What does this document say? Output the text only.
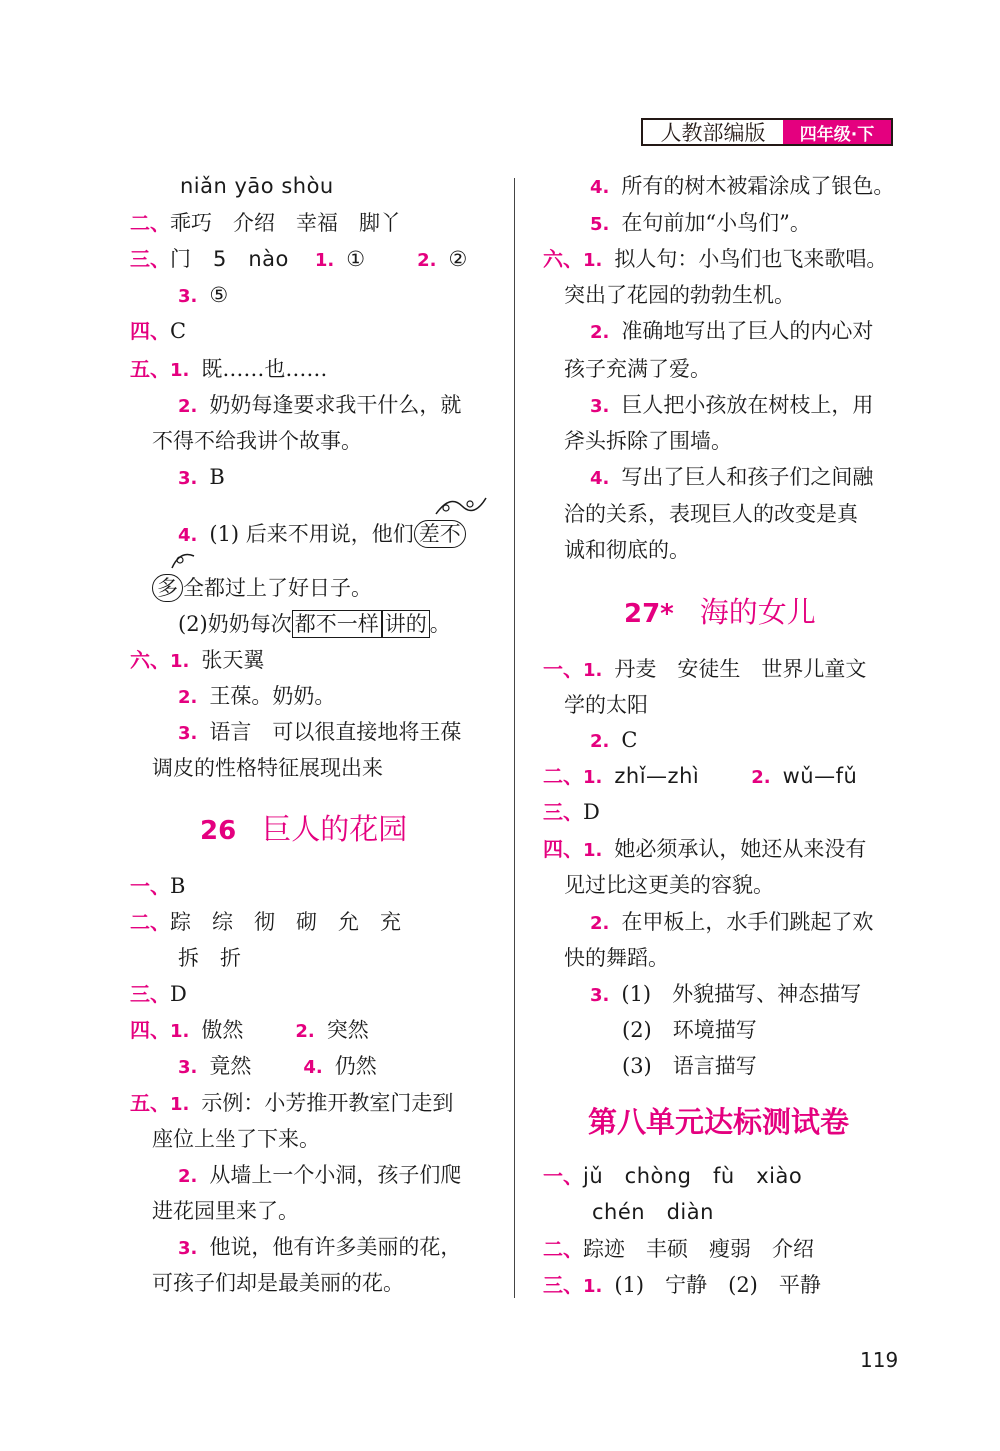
人教部编版	四年级·下
niǎn yāo shòu
二、乖巧　介绍　幸福　脚丫
三、门　5　nào 1. ①	2. ②
3. ⑤
四、C
五、1. 既……也……
2. 奶奶每逢要求我干什么，就
不得不给我讲个故事。
3. B
4. (1) 后来不用说，他们 差不
多 全都过上了好日子。
(2)奶奶每次 都不一样 讲的 。
六、1. 张天翼
2. 王葆。奶奶。
3. 语言　可以很直接地将王葆
调皮的性格特征展现出来
26 巨人的花园
一、B
二、踪　综　彻　砌　允　充
拆　折
三、D
四、1. 傲然	2. 突然
3. 竟然	4. 仍然
五、1. 示例：小芳推开教室门走到
座位上坐了下来。
2. 从墙上一个小洞，孩子们爬
进花园里来了。
3. 他说，他有许多美丽的花，
可孩子们却是最美丽的花。
4. 所有的树木被霜涂成了银色。
5. 在句前加“小鸟们”。
六、1. 拟人句：小鸟们也飞来歌唱。
突出了花园的勃勃生机。
2. 准确地写出了巨人的内心对
孩子充满了爱。
3. 巨人把小孩放在树枝上，用
斧头拆除了围墙。
4. 写出了巨人和孩子们之间融
洽的关系，表现巨人的改变是真
诚和彻底的。
27* 海的女儿
一、1. 丹麦　安徒生　世界儿童文
学的太阳
2. C
二、1. zhǐ—zhì	2. wǔ—fǔ
三、D
四、1. 她必须承认，她还从来没有
见过比这更美的容貌。
2. 在甲板上，水手们跳起了欢
快的舞蹈。
3. (1)　外貌描写、神态描写
(2)　环境描写
(3)　语言描写
第八单元达标测试卷
一、jǔ　chòng　fù　xiào
chén　diàn
二、踪迹　丰硕　瘦弱　介绍
三、1. (1)　宁静　(2)　平静
119
